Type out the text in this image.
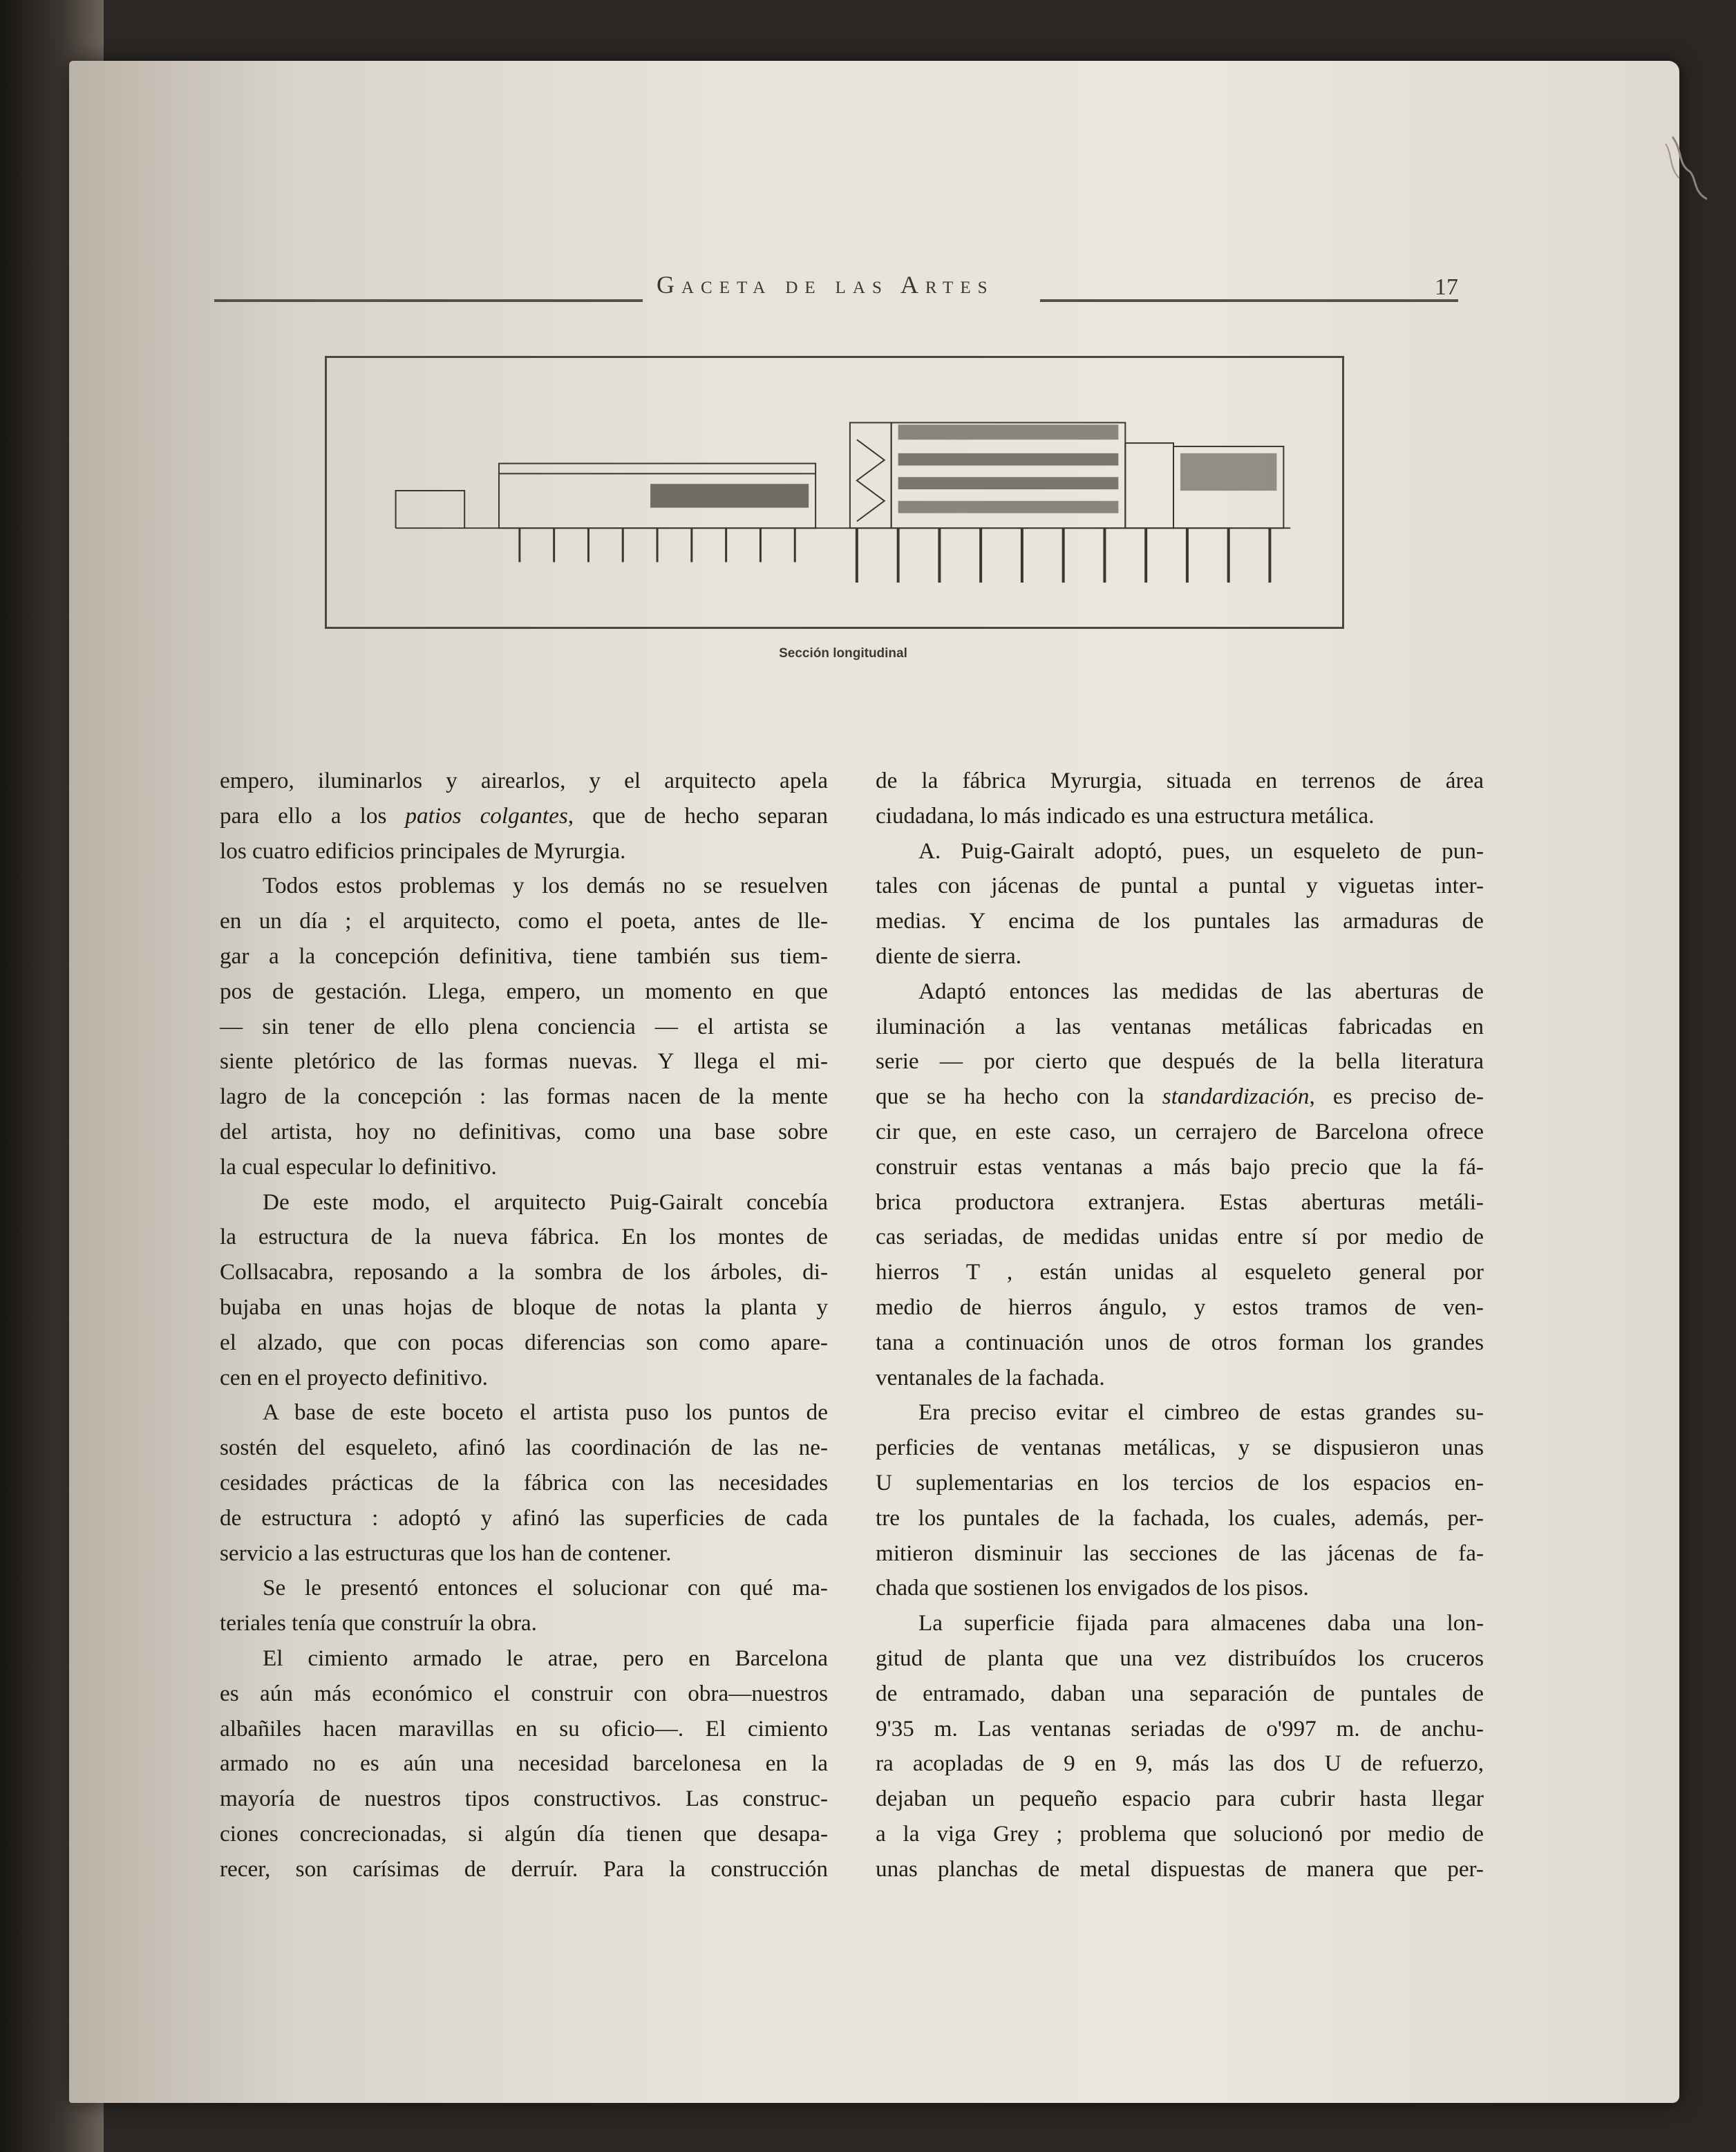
Gaceta de las Artes	17
Sección longitudinal
empero, iluminarlos y airearlos, y el arquitecto apela
para ello a los patios colgantes, que de hecho separan
los cuatro edificios principales de Myrurgia.
Todos estos problemas y los demás no se resuelven
en un día ; el arquitecto, como el poeta, antes de lle-
gar a la concepción definitiva, tiene también sus tiem-
pos de gestación. Llega, empero, un momento en que
— sin tener de ello plena conciencia — el artista se
siente pletórico de las formas nuevas. Y llega el mi-
lagro de la concepción : las formas nacen de la mente
del artista, hoy no definitivas, como una base sobre
la cual especular lo definitivo.
De este modo, el arquitecto Puig-Gairalt concebía
la estructura de la nueva fábrica. En los montes de
Collsacabra, reposando a la sombra de los árboles, di-
bujaba en unas hojas de bloque de notas la planta y
el alzado, que con pocas diferencias son como apare-
cen en el proyecto definitivo.
A base de este boceto el artista puso los puntos de
sostén del esqueleto, afinó las coordinación de las ne-
cesidades prácticas de la fábrica con las necesidades
de estructura : adoptó y afinó las superficies de cada
servicio a las estructuras que los han de contener.
Se le presentó entonces el solucionar con qué ma-
teriales tenía que construír la obra.
El cimiento armado le atrae, pero en Barcelona
es aún más económico el construir con obra—nuestros
albañiles hacen maravillas en su oficio—. El cimiento
armado no es aún una necesidad barcelonesa en la
mayoría de nuestros tipos constructivos. Las construc-
ciones concrecionadas, si algún día tienen que desapa-
recer, son carísimas de derruír. Para la construcción
de la fábrica Myrurgia, situada en terrenos de área
ciudadana, lo más indicado es una estructura metálica.
A. Puig-Gairalt adoptó, pues, un esqueleto de pun-
tales con jácenas de puntal a puntal y viguetas inter-
medias. Y encima de los puntales las armaduras de
diente de sierra.
Adaptó entonces las medidas de las aberturas de
iluminación a las ventanas metálicas fabricadas en
serie — por cierto que después de la bella literatura
que se ha hecho con la standardización, es preciso de-
cir que, en este caso, un cerrajero de Barcelona ofrece
construir estas ventanas a más bajo precio que la fá-
brica productora extranjera. Estas aberturas metáli-
cas seriadas, de medidas unidas entre sí por medio de
hierros T , están unidas al esqueleto general por
medio de hierros ángulo, y estos tramos de ven-
tana a continuación unos de otros forman los grandes
ventanales de la fachada.
Era preciso evitar el cimbreo de estas grandes su-
perficies de ventanas metálicas, y se dispusieron unas
U suplementarias en los tercios de los espacios en-
tre los puntales de la fachada, los cuales, además, per-
mitieron disminuir las secciones de las jácenas de fa-
chada que sostienen los envigados de los pisos.
La superficie fijada para almacenes daba una lon-
gitud de planta que una vez distribuídos los cruceros
de entramado, daban una separación de puntales de
9'35 m. Las ventanas seriadas de o'997 m. de anchu-
ra acopladas de 9 en 9, más las dos U de refuerzo,
dejaban un pequeño espacio para cubrir hasta llegar
a la viga Grey ; problema que solucionó por medio de
unas planchas de metal dispuestas de manera que per-
